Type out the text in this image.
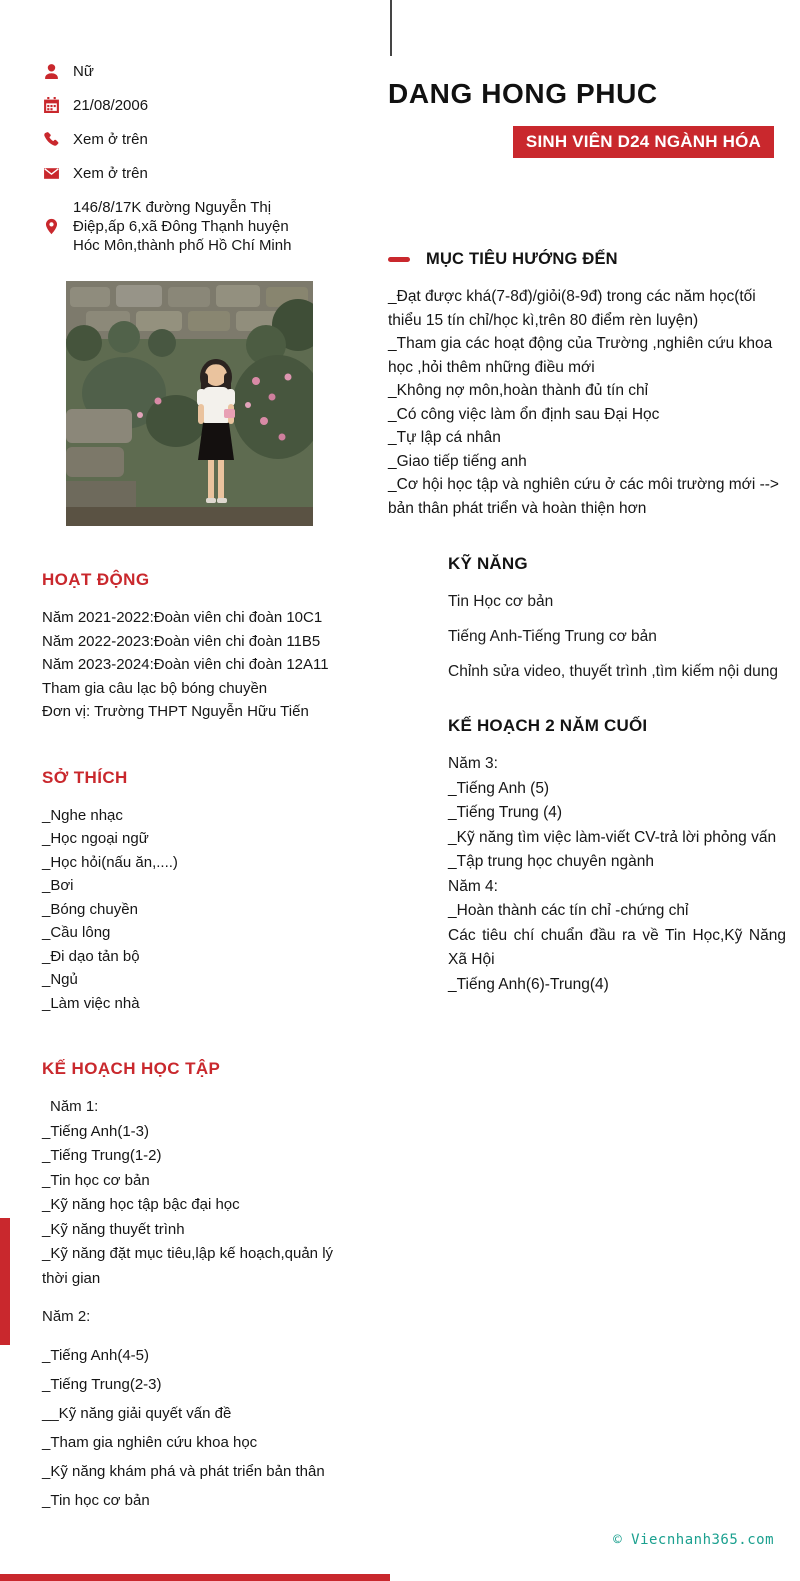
Nữ
21/08/2006
Xem ở trên
Xem ở trên
146/8/17K đường Nguyễn Thị Điệp,ấp 6,xã Đông Thạnh huyện Hóc Môn,thành phố Hồ Chí Minh
HOẠT ĐỘNG
Năm 2021-2022:Đoàn viên chi đoàn 10C1
Năm 2022-2023:Đoàn viên chi đoàn 11B5
Năm 2023-2024:Đoàn viên chi đoàn 12A11
Tham gia câu lạc bộ bóng chuyền
Đơn vị: Trường THPT Nguyễn Hữu Tiến
SỞ THÍCH
_Nghe nhạc
_Học ngoại ngữ
_Học hỏi(nấu ăn,....)
_Bơi
_Bóng chuyền
_Cầu lông
_Đi dạo tản bộ
_Ngủ
_Làm việc nhà
KẾ HOẠCH HỌC TẬP
Năm 1:
_Tiếng Anh(1-3)
_Tiếng Trung(1-2)
_Tin học cơ bản
_Kỹ năng học tập bậc đại học
_Kỹ năng thuyết trình
_Kỹ năng đặt mục tiêu,lập kế hoạch,quản lý thời gian
Năm 2:
_Tiếng Anh(4-5)
_Tiếng Trung(2-3)
__Kỹ năng giải quyết vấn đề
_Tham gia nghiên cứu khoa học
_Kỹ năng khám phá và phát triển bản thân
_Tin học cơ bản
DANG HONG PHUC
SINH VIÊN D24 NGÀNH HÓA
MỤC TIÊU HƯỚNG ĐẾN
_Đạt được khá(7-8đ)/giỏi(8-9đ) trong các năm học(tối thiểu 15 tín chỉ/học kì,trên 80 điểm rèn luyện)
_Tham gia các hoạt động của Trường ,nghiên cứu khoa học ,hỏi thêm những điều mới
_Không nợ môn,hoàn thành đủ tín chỉ
_Có công việc làm ổn định sau Đại Học
_Tự lập cá nhân
_Giao tiếp tiếng anh
_Cơ hội học tập và nghiên cứu ở các môi trường mới --> bản thân phát triển và hoàn thiện hơn
KỸ NĂNG
Tin Học cơ bản
Tiếng Anh-Tiếng Trung cơ bản
Chỉnh sửa video, thuyết trình ,tìm kiếm nội dung
KẾ HOẠCH 2 NĂM CUỐI
Năm 3:
_Tiếng Anh (5)
_Tiếng Trung (4)
_Kỹ năng tìm việc làm-viết CV-trả lời phỏng vấn
_Tập trung học chuyên ngành
Năm 4:
_Hoàn thành các tín chỉ -chứng chỉ
Các tiêu chí chuẩn đầu ra về Tin Học,Kỹ Năng Xã Hội
_Tiếng Anh(6)-Trung(4)
© Viecnhanh365.com
